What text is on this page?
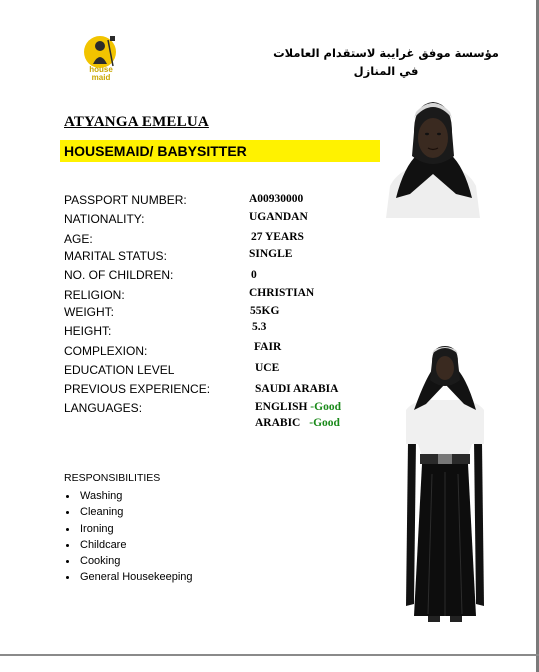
house
maid
مؤسسة موفق غرايبة لاستقدام العاملات في المنازل
ATYANGA EMELUA
HOUSEMAID/ BABYSITTER
PASSPORT NUMBER:	A00930000
NATIONALITY:	UGANDAN
AGE:	27 YEARS
MARITAL STATUS:	SINGLE
NO. OF CHILDREN:	0
RELIGION:	CHRISTIAN
WEIGHT:	55KG
HEIGHT:	5.3
COMPLEXION:	FAIR
EDUCATION LEVEL	UCE
PREVIOUS EXPERIENCE:	SAUDI ARABIA
LANGUAGES:	ENGLISH -Good
ARABIC -Good
RESPONSIBILITIES
Washing
Cleaning
Ironing
Childcare
Cooking
General Housekeeping
